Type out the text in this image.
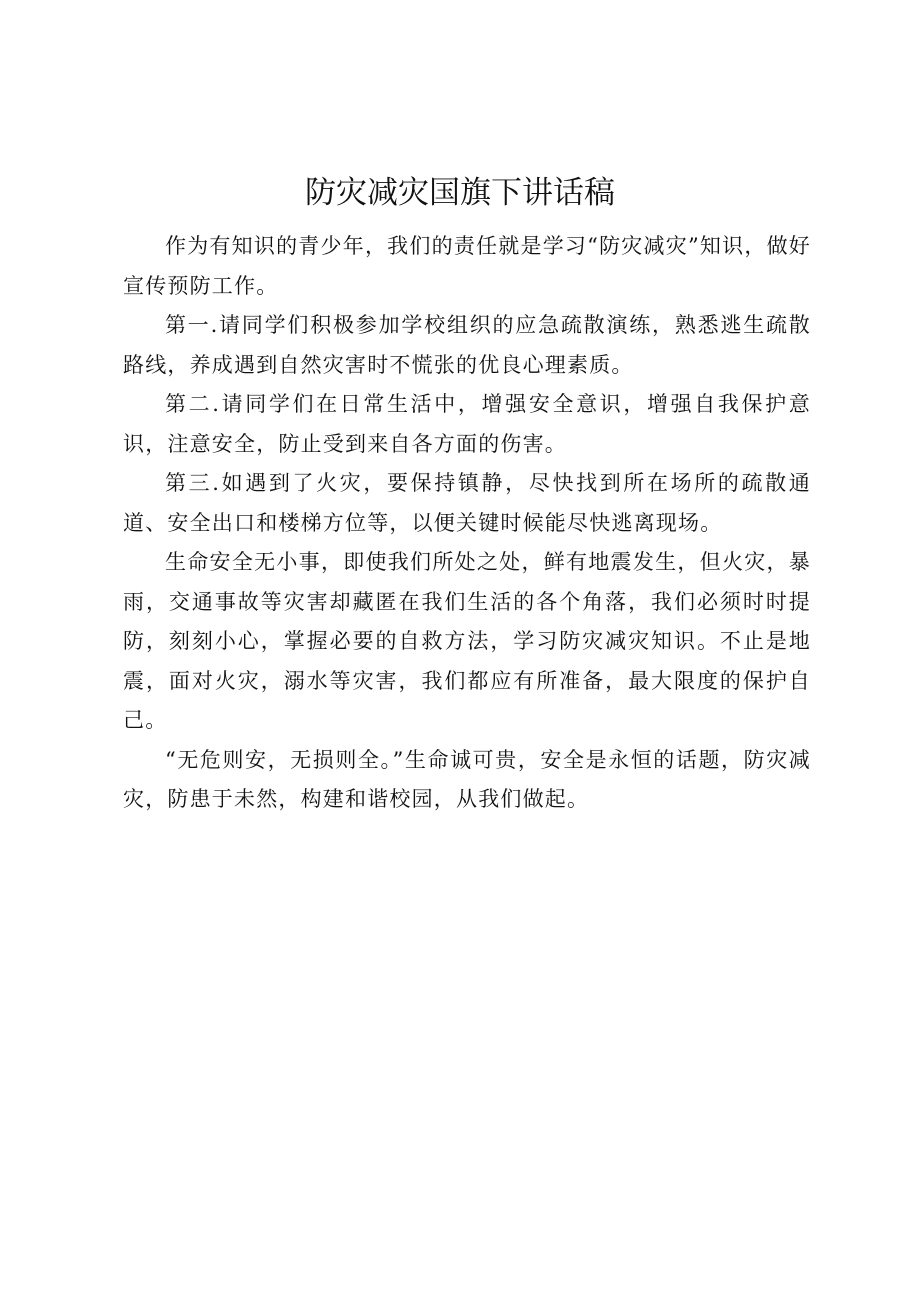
防灾减灾国旗下讲话稿

作为有知识的青少年，我们的责任就是学习“防灾减灾”知识，做好宣传预防工作。

第一.请同学们积极参加学校组织的应急疏散演练，熟悉逃生疏散路线，养成遇到自然灾害时不慌张的优良心理素质。

第二.请同学们在日常生活中，增强安全意识，增强自我保护意识，注意安全，防止受到来自各方面的伤害。

第三.如遇到了火灾，要保持镇静，尽快找到所在场所的疏散通道、安全出口和楼梯方位等，以便关键时候能尽快逃离现场。

生命安全无小事，即使我们所处之处，鲜有地震发生，但火灾，暴雨，交通事故等灾害却藏匿在我们生活的各个角落，我们必须时时提防，刻刻小心，掌握必要的自救方法，学习防灾减灾知识。不止是地震，面对火灾，溺水等灾害，我们都应有所准备，最大限度的保护自己。

“无危则安，无损则全。”生命诚可贵，安全是永恒的话题，防灾减灾，防患于未然，构建和谐校园，从我们做起。
